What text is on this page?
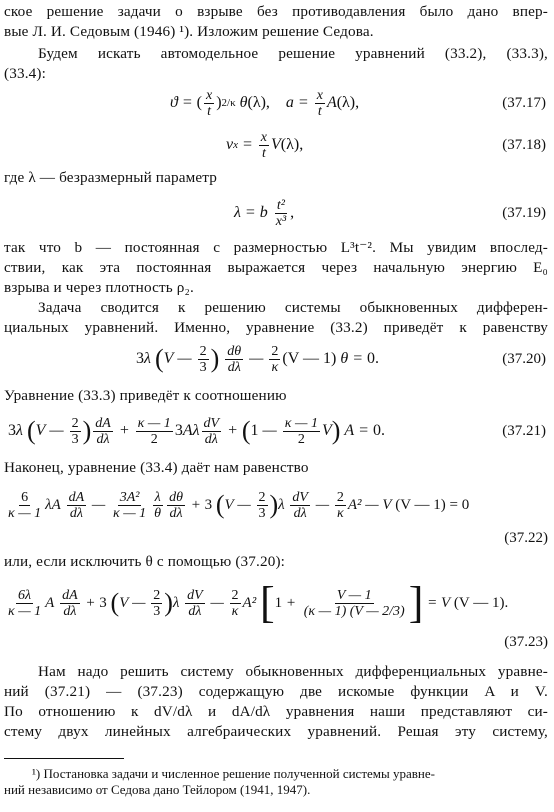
ское решение задачи о взрыве без противодавления было дано впер-
вые Л. И. Седовым (1946) ¹). Изложим решение Седова.
Будем искать автомодельное решение уравнений (33.2), (33.3),
(33.4):
ϑ = ( $\frac{x}{t}$ ) 2/κ θ (λ), $a = \frac{x}{t}$ A (λ),	(37.17)
v $x = \frac{x}{t}$ V (λ),	(37.18)
где λ — безразмерный параметр
λ = b $\frac{\text{t²}}{\text{x³}}$ ,	(37.19)
так что b — постоянная с размерностью L³t⁻². Мы увидим впослед-
ствии, как эта постоянная выражается через начальную энергию E₀
взрыва и через плотность ρ₂.
Задача сводится к решению системы обыкновенных дифферен-
циальных уравнений. Именно, уравнение (33.2) приведёт к равенству
3 λ ( V — $\frac{2}{3}$ )
$\frac{d\theta}{d\lambda}$ — $\frac{2}{\kappa} (V$ — 1) θ = 0.	(37.20)
Уравнение (33.3) приведёт к соотношению
3 λ ( V — $\frac{2}{3}$ ) $\frac{dA}{d\lambda} + \frac{\kappa — 1}{2} 3$ Aλ $\frac{dV}{d\lambda}$ + ( 1 — $\frac{\kappa — 1}{2}$ V ) A = 0.	(37.21)
Наконец, уравнение (33.4) даёт нам равенство
$\frac{6}{\kappa — 1}$ λA $\frac{dA}{d\lambda}$ — $\frac{\text{3A²}}{\kappa — 1} \frac{\lambda}{\theta} \frac{d\theta}{d\lambda} + 3$
( V — $\frac{2}{3}$ ) λ $\frac{dV}{d\lambda}$ — $\frac{2}{\kappa} A^2$ — V (V — 1) = 0
(37.22)
или, если исключить θ с помощью (37.20):
$\frac{6\lambda}{\kappa — 1}$ A $\frac{dA}{d\lambda} + 3$
( V — $\frac{2}{3}$ ) λ $\frac{dV}{d\lambda}$ — $\frac{2}{\kappa} A^2$ [ $1 + \frac{V — 1}{(\kappa — 1) (V — 2/3)}$ ] = V (V — 1).
(37.23)
Нам надо решить систему обыкновенных дифференциальных уравне-
ний (37.21) — (37.23) содержащую две искомые функции A и V.
По отношению к dV/dλ и dA/dλ уравнения наши представляют си-
стему двух линейных алгебраических уравнений. Решая эту систему,
¹) Постановка задачи и численное решение полученной системы уравне-
ний независимо от Седова дано Тейлором (1941, 1947).
